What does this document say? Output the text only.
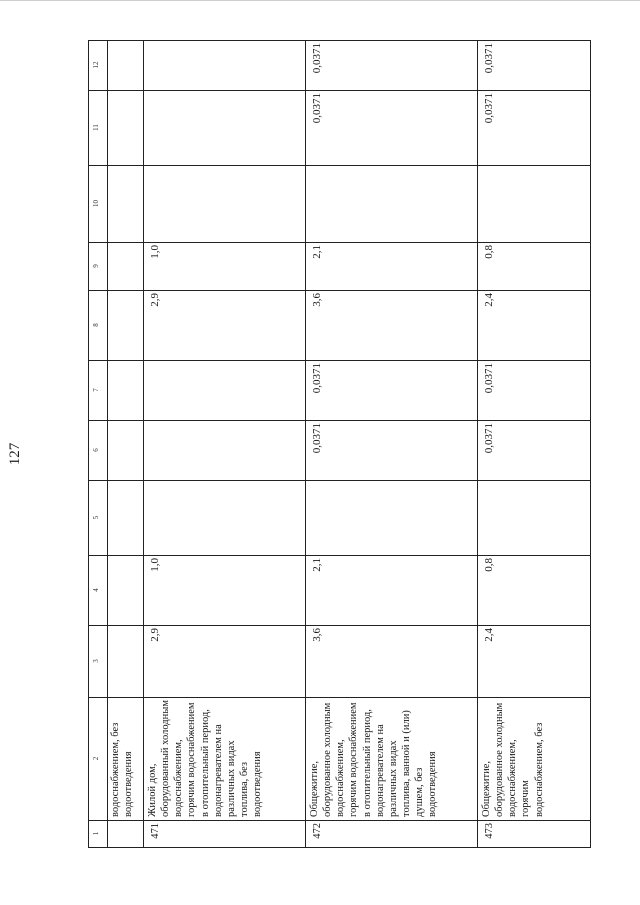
127
1
2
3
4
5
6
7
8
9
10
11
12
водоснабжением, без водоотведения
471
Жилой дом, оборудованный холодным водоснабжением, горячим водоснабжением в отопительный период, водонагревателем на различных видах топлива, без водоотведения
2,9
1,0
2,9
1,0
472
Общежитие, оборудованное холодным водоснабжением, горячим водоснабжением в отопительный период, водонагревателем на различных видах топлива, ванной и (или) душем, без водоотведения
3,6
2,1
0,0371
0,0371
3,6
2,1
0,0371
0,0371
473
Общежитие, оборудованное холодным водоснабжением, горячим водоснабжением, без
2,4
0,8
0,0371
0,0371
2,4
0,8
0,0371
0,0371
